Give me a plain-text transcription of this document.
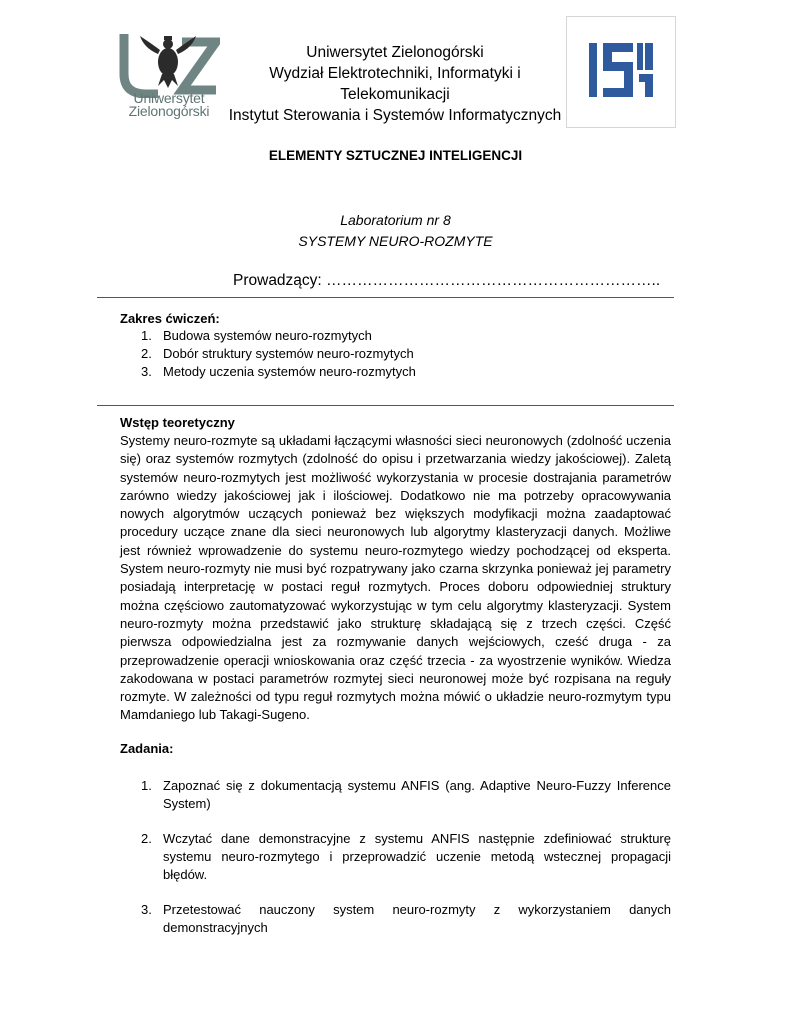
Uniwersytet
Zielonogórski
Uniwersytet Zielonogórski
Wydział Elektrotechniki, Informatyki i
Telekomunikacji
Instytut Sterowania i Systemów Informatycznych
ELEMENTY SZTUCZNEJ INTELIGENCJI
Laboratorium nr 8
SYSTEMY NEURO-ROZMYTE
Prowadzący: ………………………………………………………..
Zakres ćwiczeń:
1. Budowa systemów neuro-rozmytych
2. Dobór struktury systemów neuro-rozmytych
3. Metody uczenia systemów neuro-rozmytych
Wstęp teoretyczny
Systemy neuro-rozmyte są układami łączącymi własności sieci neuronowych (zdolność uczenia się) oraz systemów rozmytych (zdolność do opisu i przetwarzania wiedzy jakościowej). Zaletą systemów neuro-rozmytych jest możliwość wykorzystania w procesie dostrajania parametrów zarówno wiedzy jakościowej jak i ilościowej. Dodatkowo nie ma potrzeby opracowywania nowych algorytmów uczących ponieważ bez większych modyfikacji można zaadaptować procedury uczące znane dla sieci neuronowych lub algorytmy klasteryzacji danych. Możliwe jest również wprowadzenie do systemu neuro-rozmytego wiedzy pochodzącej od eksperta. System neuro-rozmyty nie musi być rozpatrywany jako czarna skrzynka ponieważ jej parametry posiadają interpretację w postaci reguł rozmytych. Proces doboru odpowiedniej struktury można częściowo zautomatyzować wykorzystując w tym celu algorytmy klasteryzacji. System neuro-rozmyty można przedstawić jako strukturę składającą się z trzech części. Część pierwsza odpowiedzialna jest za rozmywanie danych wejściowych, cześć druga - za przeprowadzenie operacji wnioskowania oraz część trzecia - za wyostrzenie wyników. Wiedza zakodowana w postaci parametrów rozmytej sieci neuronowej może być rozpisana na reguły rozmyte. W zależności od typu reguł rozmytych można mówić o układzie neuro-rozmytym typu Mamdaniego lub Takagi-Sugeno.
Zadania:
1. Zapoznać się z dokumentacją systemu ANFIS (ang. Adaptive Neuro-Fuzzy Inference System)
2. Wczytać dane demonstracyjne z systemu ANFIS następnie zdefiniować strukturę systemu neuro-rozmytego i przeprowadzić uczenie metodą wstecznej propagacji błędów.
3. Przetestować nauczony system neuro-rozmyty z wykorzystaniem danych demonstracyjnych
